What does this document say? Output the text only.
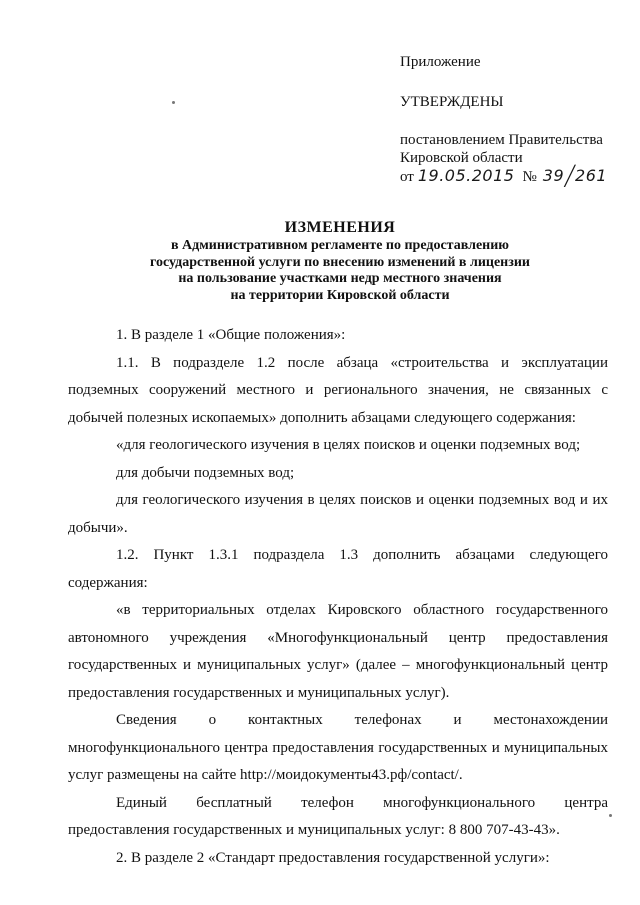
Приложение
УТВЕРЖДЕНЫ
постановлением Правительства
Кировской области
от 19.05.2015 № 39 /
261
ИЗМЕНЕНИЯ
в Административном регламенте по предоставлению
государственной услуги по внесению изменений в лицензии
на пользование участками недр местного значения
на территории Кировской области

1. В разделе 1 «Общие положения»:

1.1. В подразделе 1.2 после абзаца «строительства и эксплуатации подземных сооружений местного и регионального значения, не связанных с добычей полезных ископаемых» дополнить абзацами следующего содержания:

«для геологического изучения в целях поисков и оценки подземных вод;

для добычи подземных вод;

для геологического изучения в целях поисков и оценки подземных вод и их добычи».

1.2. Пункт 1.3.1 подраздела 1.3 дополнить абзацами следующего содержания:

«в территориальных отделах Кировского областного государственного автономного учреждения «Многофункциональный центр предоставления государственных и муниципальных услуг» (далее – многофункциональный центр предоставления государственных и муниципальных услуг).

Сведения о контактных телефонах и местонахождении многофункционального центра предоставления государственных и муниципальных услуг размещены на сайте http://моидокументы43.рф/contact/.

Единый бесплатный телефон многофункционального центра предоставления государственных и муниципальных услуг: 8 800 707-43-43».

2. В разделе 2 «Стандарт предоставления государственной услуги»:
